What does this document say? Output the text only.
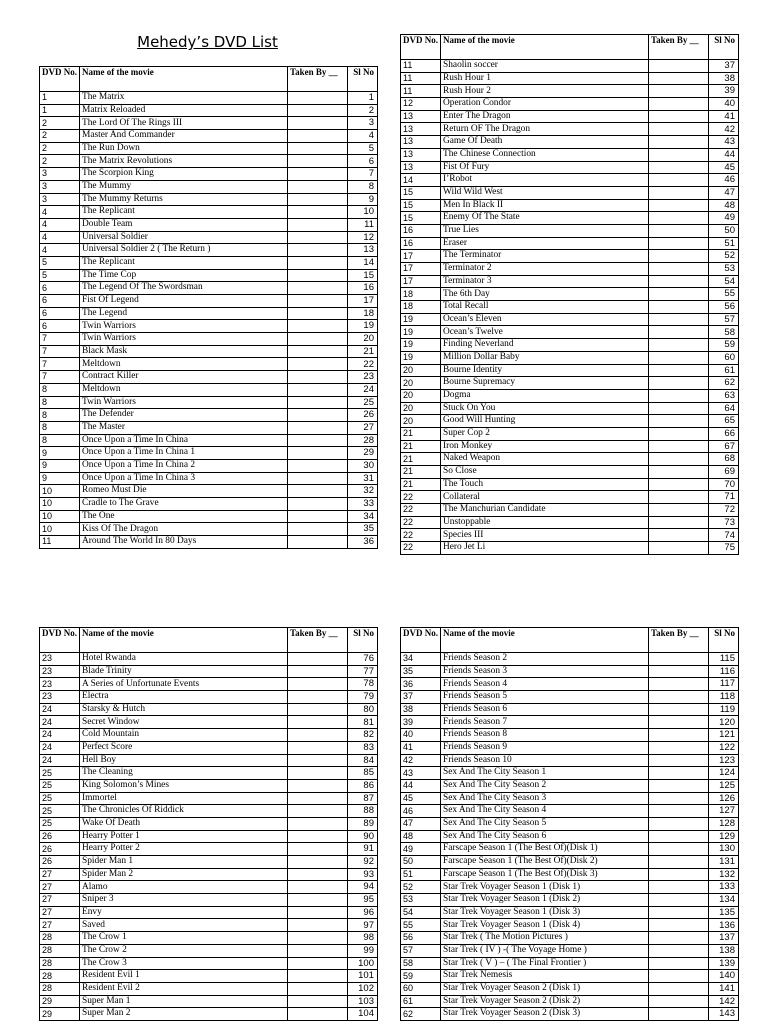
Mehedy’s DVD List
DVD No.	Name of the movie	Taken By __	Sl No
1	The Matrix		1
1	Matrix Reloaded		2
2	The Lord Of The Rings III		3
2	Master And Commander		4
2	The Run Down		5
2	The Matrix Revolutions		6
3	The Scorpion King		7
3	The Mummy		8
3	The Mummy Returns		9
4	The Replicant		10
4	Double Team		11
4	Universal Soldier		12
4	Universal Soldier 2 ( The Return )		13
5	The Replicant		14
5	The Time Cop		15
6	The Legend Of The Swordsman		16
6	Fist Of Legend		17
6	The Legend		18
6	Twin Warriors		19
7	Twin Warriors		20
7	Black Mask		21
7	Meltdown		22
7	Contract Killer		23
8	Meltdown		24
8	Twin Warriors		25
8	The Defender		26
8	The Master		27
8	Once Upon a Time In China		28
9	Once Upon a Time In China 1		29
9	Once Upon a Time In China 2		30
9	Once Upon a Time In China 3		31
10	Romeo Must Die		32
10	Cradle to The Grave		33
10	The One		34
10	Kiss Of The Dragon		35
11	Around The World In 80 Days		36
DVD No.	Name of the movie	Taken By __	Sl No
11	Shaolin soccer		37
11	Rush Hour 1		38
11	Rush Hour 2		39
12	Operation Condor		40
13	Enter The Dragon		41
13	Return OF The Dragon		42
13	Game Of Death		43
13	The Chinese Connection		44
13	Fist Of Fury		45
14	I’Robot		46
15	Wild Wild West		47
15	Men In Black II		48
15	Enemy Of The State		49
16	True Lies		50
16	Eraser		51
17	The Terminator		52
17	Terminator 2		53
17	Terminator 3		54
18	The 6th Day		55
18	Total Recall		56
19	Ocean’s Eleven		57
19	Ocean’s Twelve		58
19	Finding Neverland		59
19	Million Dollar Baby		60
20	Bourne Identity		61
20	Bourne Supremacy		62
20	Dogma		63
20	Stuck On You		64
20	Good Will Hunting		65
21	Super Cop 2		66
21	Iron Monkey		67
21	Naked Weapon		68
21	So Close		69
21	The Touch		70
22	Collateral		71
22	The Manchurian Candidate		72
22	Unstoppable		73
22	Species III		74
22	Hero Jet Li		75
DVD No.	Name of the movie	Taken By __	Sl No
23	Hotel Rwanda		76
23	Blade Trinity		77
23	A Series of Unfortunate Events		78
23	Electra		79
24	Starsky & Hutch		80
24	Secret Window		81
24	Cold Mountain		82
24	Perfect Score		83
24	Hell Boy		84
25	The Cleaning		85
25	King Solomon’s Mines		86
25	Immortel		87
25	The Chronicles Of Riddick		88
25	Wake Of Death		89
26	Hearry Potter 1		90
26	Hearry Potter 2		91
26	Spider Man 1		92
27	Spider Man 2		93
27	Alamo		94
27	Sniper 3		95
27	Envy		96
27	Saved		97
28	The Crow 1		98
28	The Crow 2		99
28	The Crow 3		100
28	Resident Evil 1		101
28	Resident Evil 2		102
29	Super Man 1		103
29	Super Man 2		104
DVD No.	Name of the movie	Taken By __	Sl No
34	Friends Season 2		115
35	Friends Season 3		116
36	Friends Season 4		117
37	Friends Season 5		118
38	Friends Season 6		119
39	Friends Season 7		120
40	Friends Season 8		121
41	Friends Season 9		122
42	Friends Season 10		123
43	Sex And The City Season 1		124
44	Sex And The City Season 2		125
45	Sex And The City Season 3		126
46	Sex And The City Season 4		127
47	Sex And The City Season 5		128
48	Sex And The City Season 6		129
49	Farscape Season 1 (The Best Of)(Disk 1)		130
50	Farscape Season 1 (The Best Of)(Disk 2)		131
51	Farscape Season 1 (The Best Of)(Disk 3)		132
52	Star Trek Voyager Season 1 (Disk 1)		133
53	Star Trek Voyager Season 1 (Disk 2)		134
54	Star Trek Voyager Season 1 (Disk 3)		135
55	Star Trek Voyager Season 1 (Disk 4)		136
56	Star Trek ( The Motion Pictures )		137
57	Star Trek ( IV ) -( The Voyage Home )		138
58	Star Trek ( V ) – ( The Final Frontier )		139
59	Star Trek Nemesis		140
60	Star Trek Voyager Season 2 (Disk 1)		141
61	Star Trek Voyager Season 2 (Disk 2)		142
62	Star Trek Voyager Season 2 (Disk 3)		143
